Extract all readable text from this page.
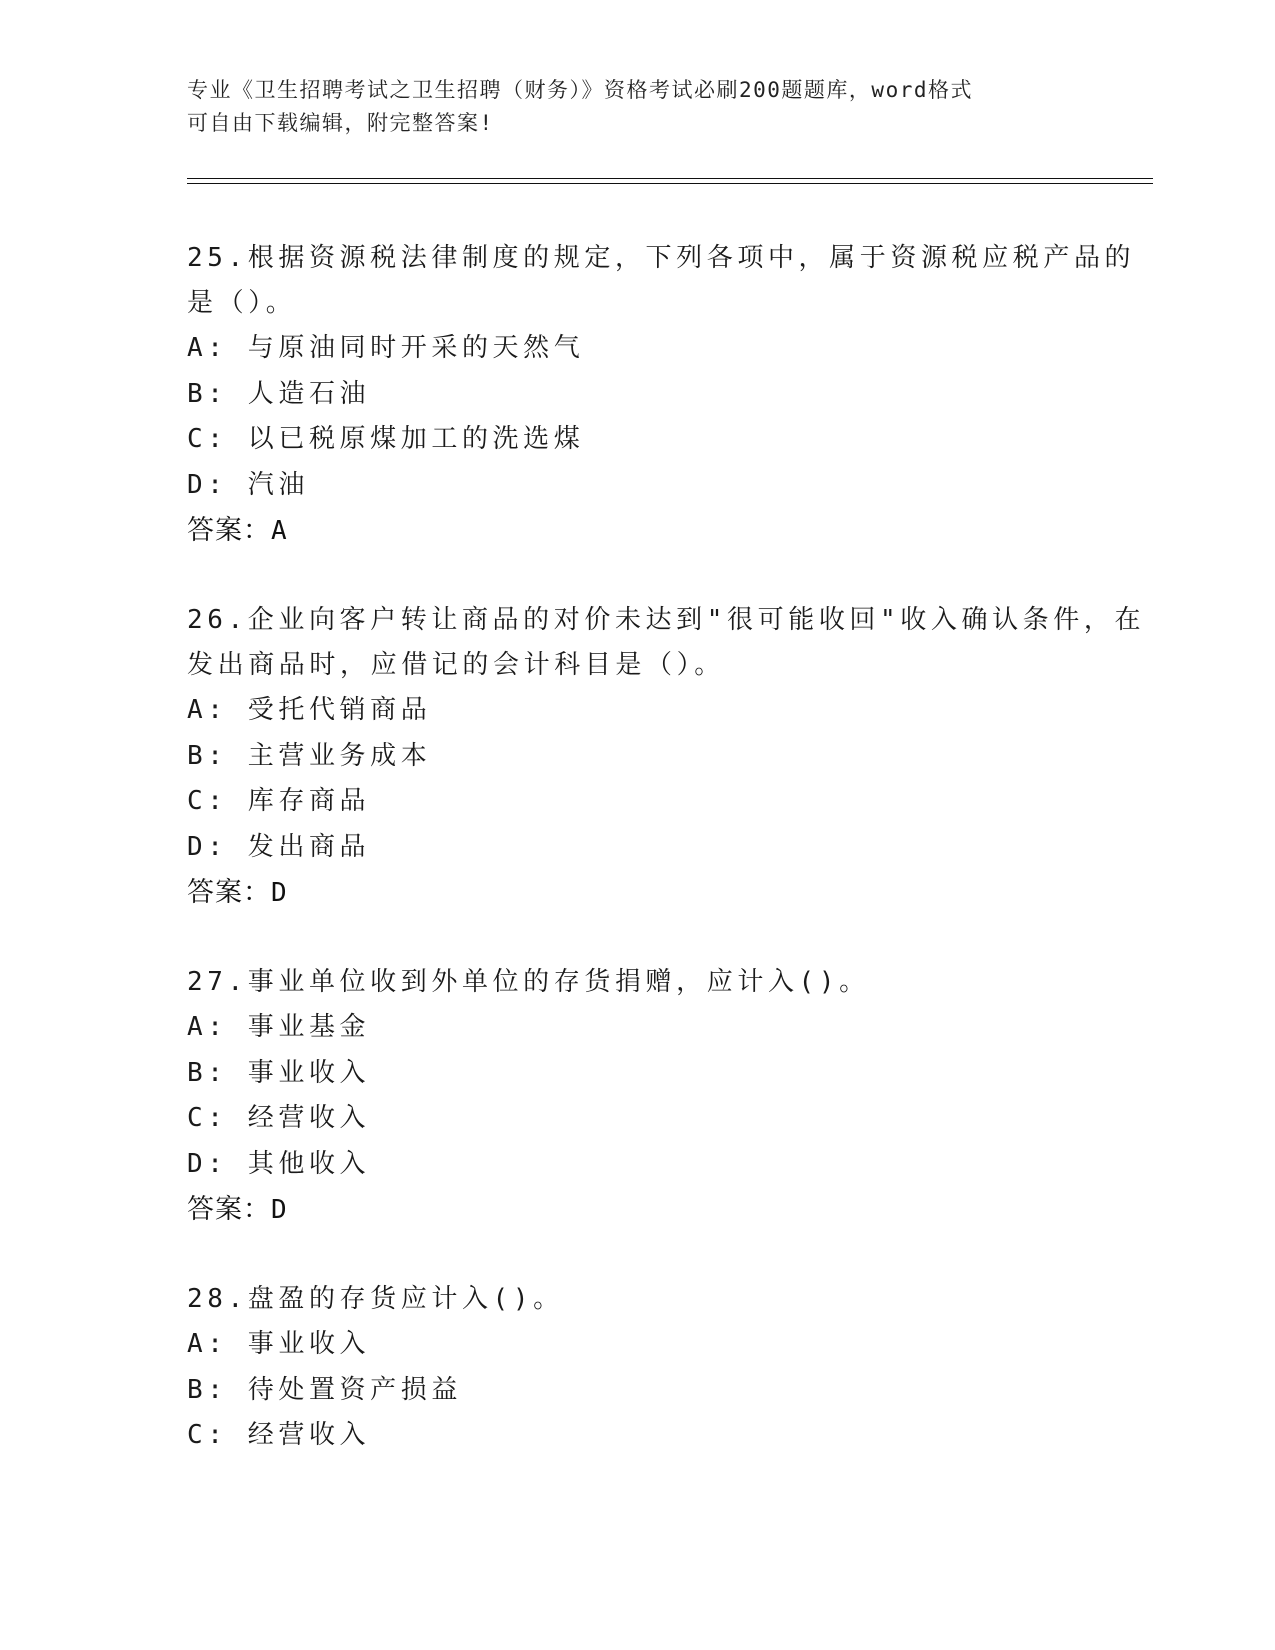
专业《卫生招聘考试之卫生招聘（财务）》资格考试必刷200题题库，word格式
可自由下载编辑，附完整答案!
25.根据资源税法律制度的规定，下列各项中，属于资源税应税产品的
是（）。
A: 与原油同时开采的天然气
B: 人造石油
C: 以已税原煤加工的洗选煤
D: 汽油
答案：A
26.企业向客户转让商品的对价未达到"很可能收回"收入确认条件，在
发出商品时，应借记的会计科目是（）。
A: 受托代销商品
B: 主营业务成本
C: 库存商品
D: 发出商品
答案：D
27.事业单位收到外单位的存货捐赠，应计入()。
A: 事业基金
B: 事业收入
C: 经营收入
D: 其他收入
答案：D
28.盘盈的存货应计入()。
A: 事业收入
B: 待处置资产损益
C: 经营收入
